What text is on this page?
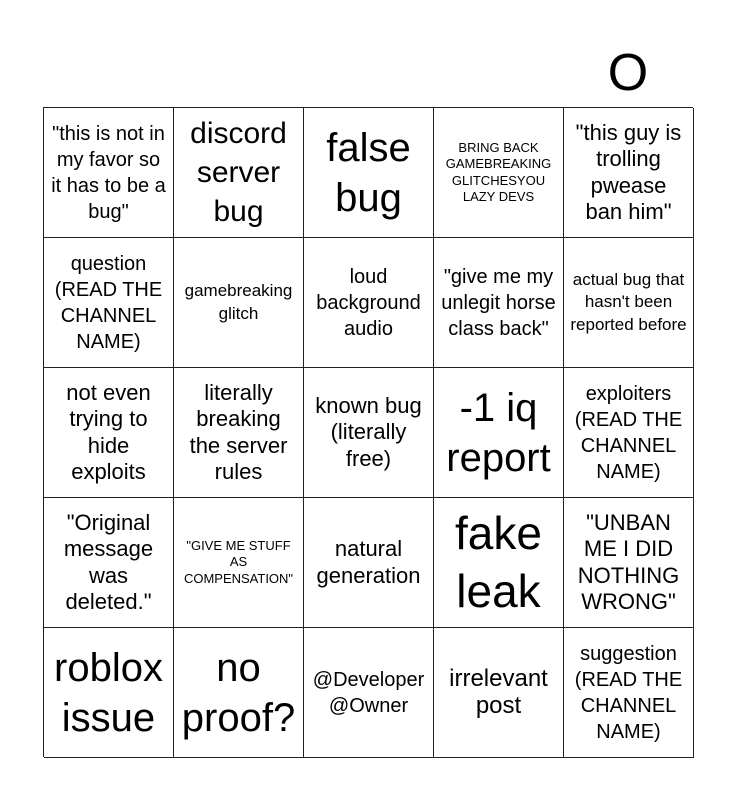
O
"this is not in my favor so it has to be a bug"
discord server bug
false bug
BRING BACK GAMEBREAKING GLITCHESYOU LAZY DEVS
"this guy is trolling pwease ban him"
question (READ THE CHANNEL NAME)
gamebreaking glitch
loud background audio
"give me my unlegit horse class back"
actual bug that hasn't been reported before
not even trying to hide exploits
literally breaking the server rules
known bug (literally free)
-1 iq report
exploiters (READ THE CHANNEL NAME)
"Original message was deleted."
"GIVE ME STUFF AS COMPENSATION"
natural generation
fake leak
"UNBAN ME I DID NOTHING WRONG"
roblox issue
no proof?
@Developer @Owner
irrelevant post
suggestion (READ THE CHANNEL NAME)
